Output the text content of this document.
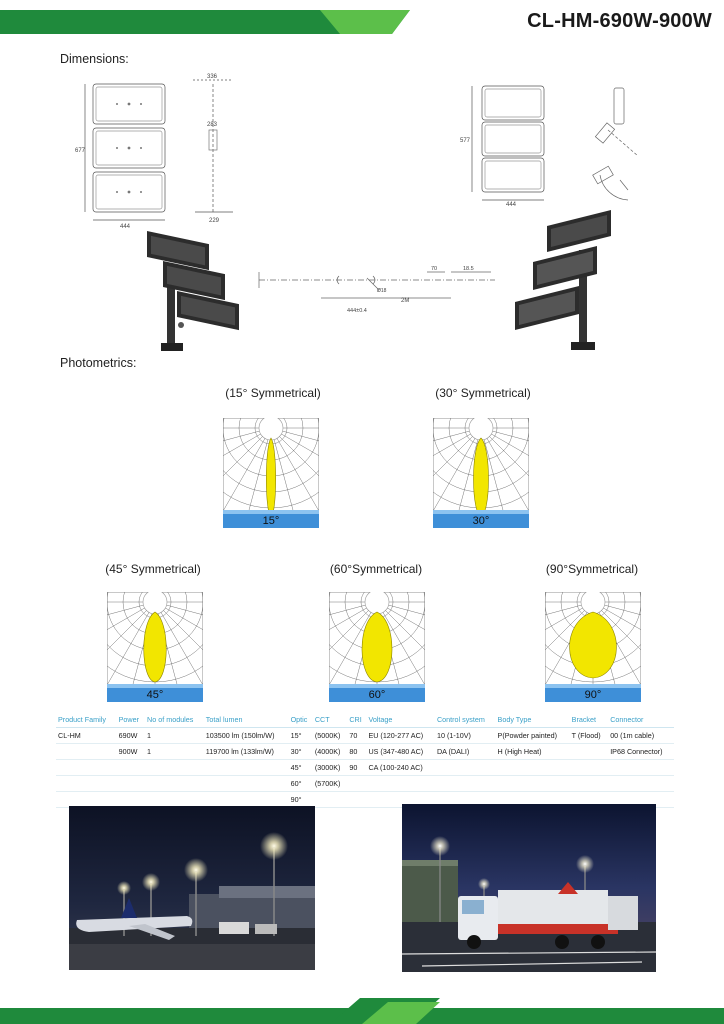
CL-HM-690W-900W
Dimensions:
336
283
677
444
229
577
444
2M
444±0.4
Ø18
70	18.5
Photometrics:
(15° Symmetrical)	(30° Symmetrical)
(45° Symmetrical)	(60°Symmetrical)	(90°Symmetrical)
15°	30°
45°	60°	90°
Product Family	Power	No of modules	Total lumen	Optic	CCT	CRI	Voltage	Control system	Body Type	Bracket	Connector
CL-HM	690W	1	103500 lm (150lm/W)	15°	(5000K)	70	EU (120-277 AC)	10 (1-10V)	P(Powder painted)	T (Flood)	00 (1m cable)
	900W	1	119700 lm (133lm/W)	30°	(4000K)	80	US (347-480 AC)	DA (DALI)	H (High Heat)		IP68 Connector)
				45°	(3000K)	90	CA (100-240 AC)				
				60°	(5700K)						
				90°							
